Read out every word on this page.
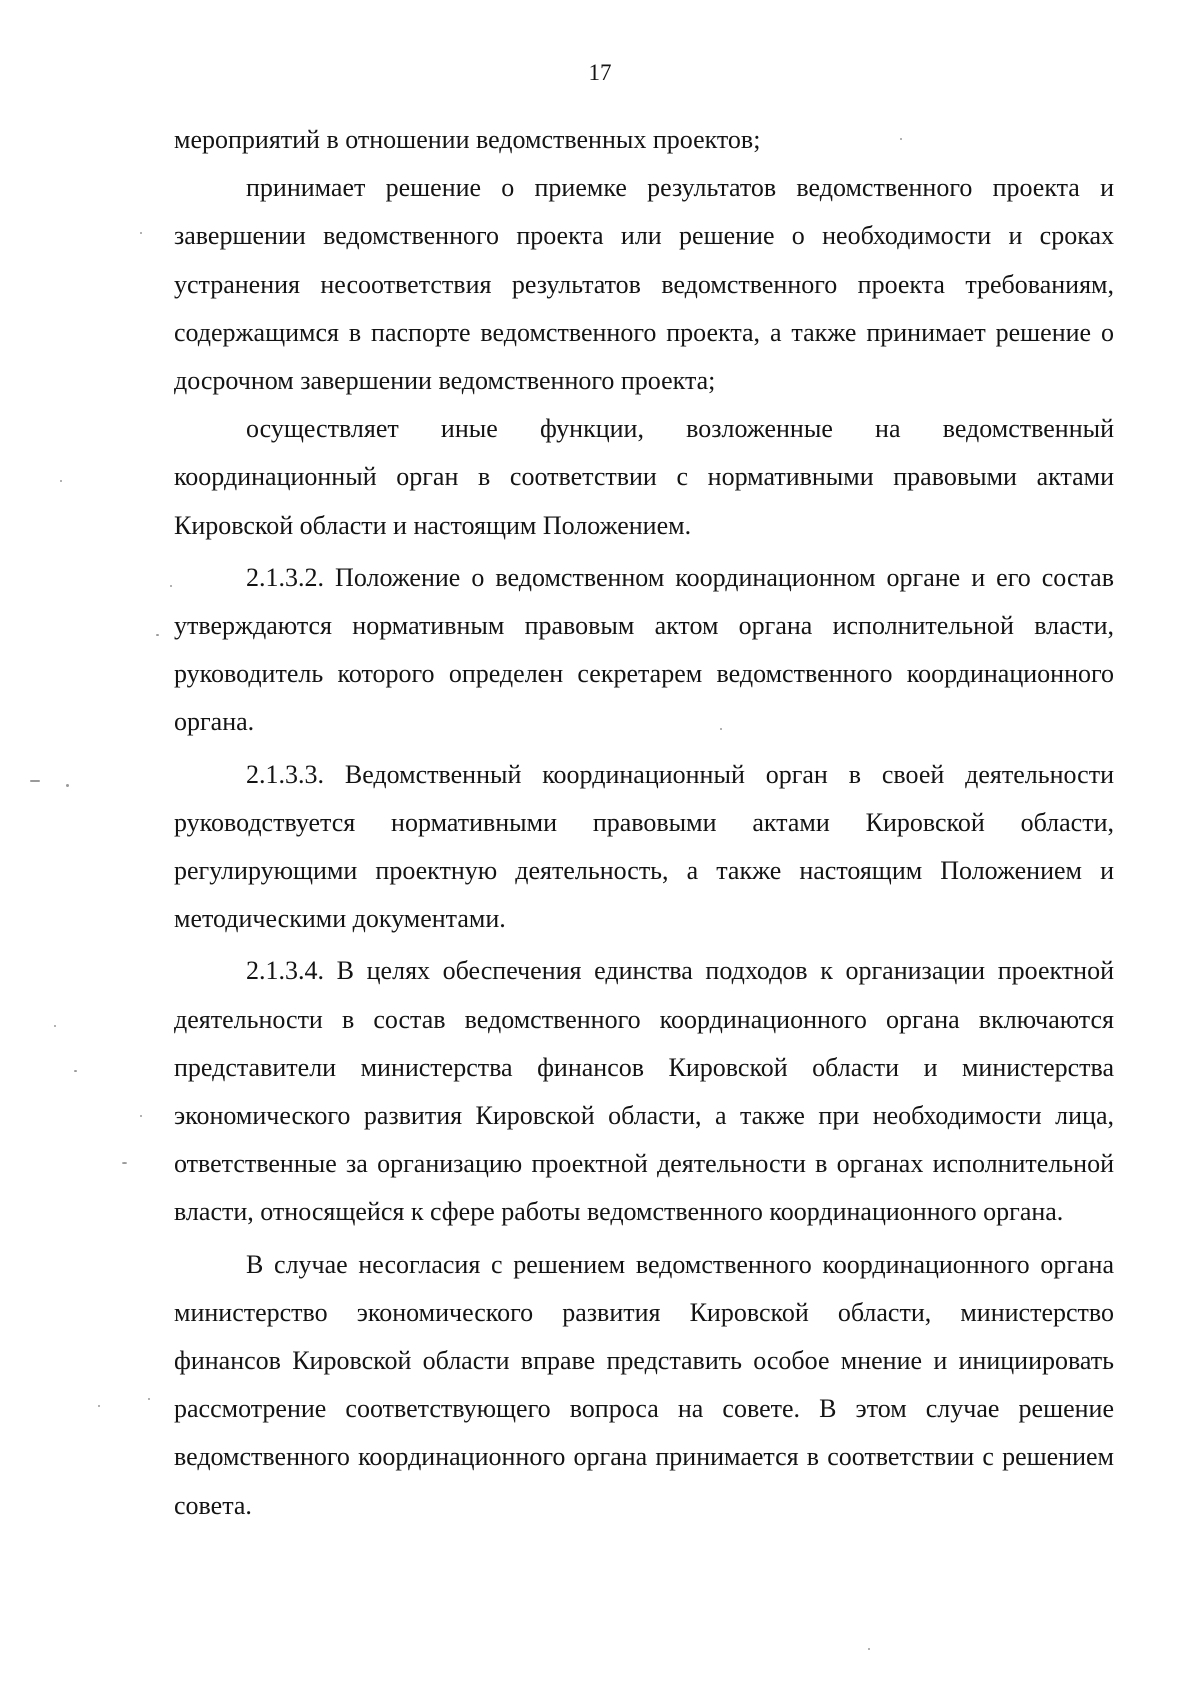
17

мероприятий в отношении ведомственных проектов;

принимает решение о приемке результатов ведомственного проекта и завершении ведомственного проекта или решение о необходимости и сроках устранения несоответствия результатов ведомственного проекта требованиям, содержащимся в паспорте ведомственного проекта, а также принимает решение о досрочном завершении ведомственного проекта;

осуществляет иные функции, возложенные на ведомственный координационный орган в соответствии с нормативными правовыми актами Кировской области и настоящим Положением.

2.1.3.2. Положение о ведомственном координационном органе и его состав утверждаются нормативным правовым актом органа исполнительной власти, руководитель которого определен секретарем ведомственного координационного органа.

2.1.3.3. Ведомственный координационный орган в своей деятельности руководствуется нормативными правовыми актами Кировской области, регулирующими проектную деятельность, а также настоящим Положением и методическими документами.

2.1.3.4. В целях обеспечения единства подходов к организации проектной деятельности в состав ведомственного координационного органа включаются представители министерства финансов Кировской области и министерства экономического развития Кировской области, а также при необходимости лица, ответственные за организацию проектной деятельности в органах исполнительной власти, относящейся к сфере работы ведомственного координационного органа.

В случае несогласия с решением ведомственного координационного органа министерство экономического развития Кировской области, министерство финансов Кировской области вправе представить особое мнение и инициировать рассмотрение соответствующего вопроса на совете. В этом случае решение ведомственного координационного органа принимается в соответствии с решением совета.
